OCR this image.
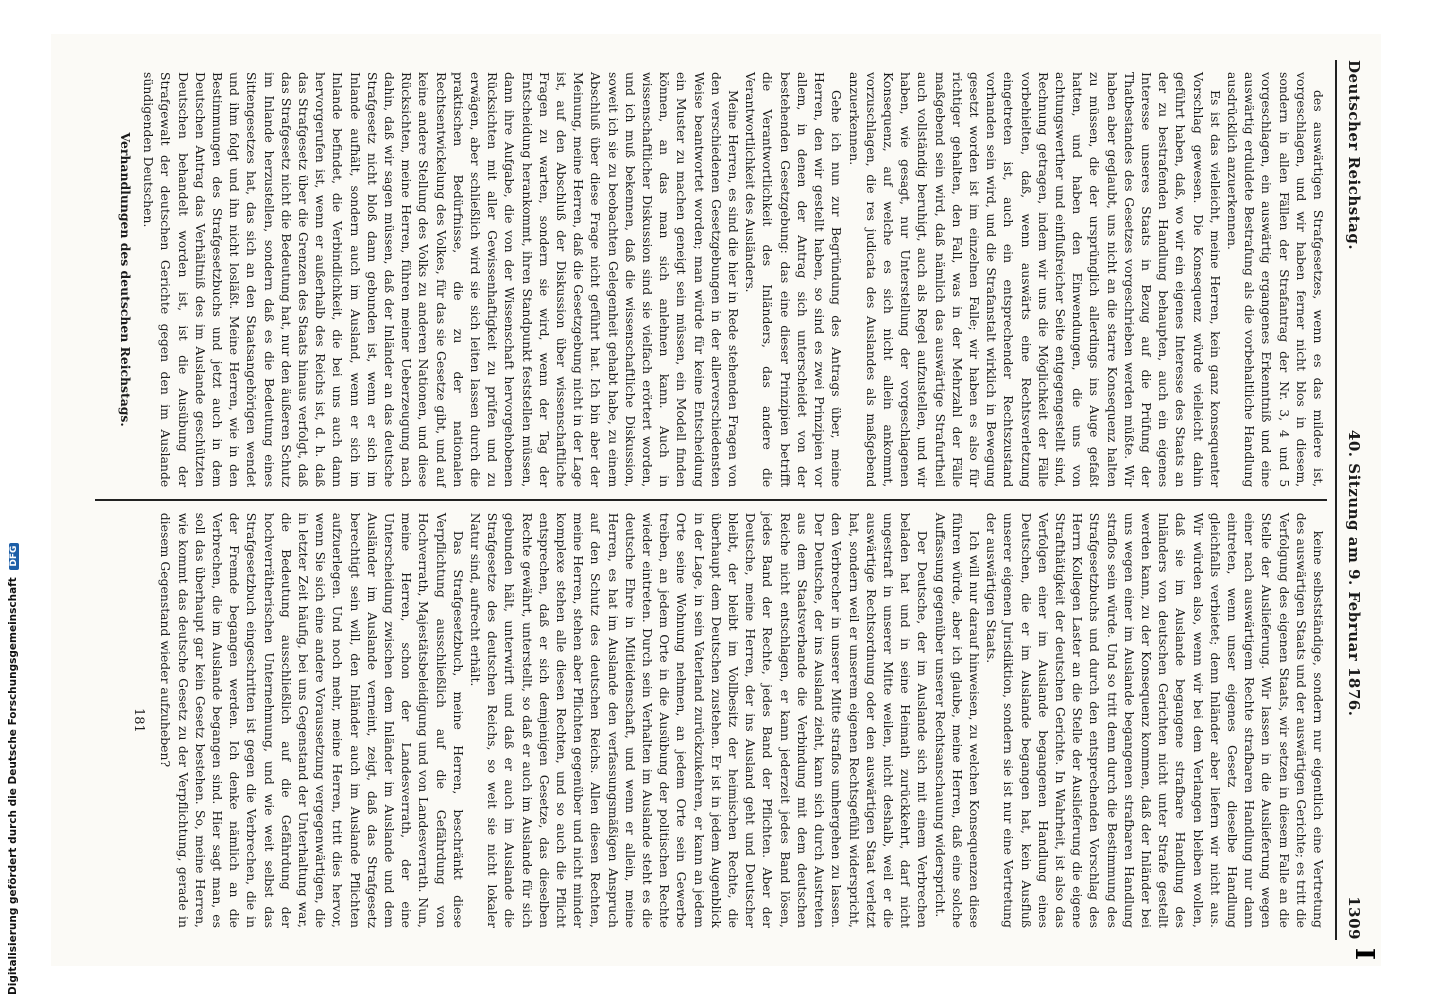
Digitalisierung gefördert durch die Deutsche Forschungsgemeinschaft DFG
I
Deutscher Reichstag.
40. Sitzung am 9. Februar 1876.
1309

des auswärtigen Strafgesetzes, wenn es das mildere ist, vorgeschlagen, und wir haben ferner nicht blos in diesem, sondern in allen Fällen der Strafantrag der Nr. 3, 4 und 5 vorgeschlagen, ein auswärtig ergangenes Erkenntniß und eine auswärtig erduldete Bestrafung als die vorbehaltliche Handlung ausdrücklich anzuerkennen.

Es ist das vielleicht, meine Herren, kein ganz konsequenter Vorschlag gewesen. Die Konsequenz würde vielleicht dahin geführt haben, daß, wo wir ein eigenes Interesse des Staats an der zu bestrafenden Handlung behaupten, auch ein eigenes Interesse unseres Staats in Bezug auf die Prüfung der Thatbestandes des Gesetzes vorgeschrieben werden müßte. Wir haben aber geglaubt, uns nicht an die starre Konsequenz halten zu müssen, die der ursprünglich allerdings ins Auge gefaßt hatten, und haben den Einwendungen, die uns von achtungswerther und einflußreicher Seite entgegengestellt sind, Rechnung getragen, indem wir uns die Möglichkeit der Fälle vorbehielten, daß, wenn auswärts eine Rechtsverletzung eingetreten ist, auch ein entsprechender Rechtszustand vorhanden sein wird, und die Strafanstalt wirklich in Bewegung gesetzt worden ist im einzelnen Falle; wir haben es also für richtiger gehalten, den Fall, was in der Mehrzahl der Fälle maßgebend sein wird, daß nämlich das auswärtige Strafurtheil auch vollständig beruhigt, auch als Regel aufzustellen, und wir haben, wie gesagt, nur Unterstellung der vorgeschlagenen Konsequenz, auf welche es sich nicht allein ankommt, vorzuschlagen, die res judicata des Auslandes als maßgebend anzuerkennen.

Gehe ich nun zur Begründung des Antrags über, meine Herren, den wir gestellt haben, so sind es zwei Prinzipien vor allem, in denen der Antrag sich unterscheidet von der bestehenden Gesetzgebung: das eine dieser Prinzipien betrifft die Verantwortlichkeit des Inländers, das andere die Verantwortlichkeit des Ausländers.

Meine Herren, es sind die hier in Rede stehenden Fragen von den verschiedenen Gesetzgebungen in der allerverschiedensten Weise beantwortet worden; man würde für keine Entscheidung ein Muster zu machen geneigt sein müssen, ein Modell finden können, an das man sich anlehnen kann. Auch in wissenschaftlicher Diskussion sind sie vielfach erörtert worden, und ich muß bekennen, daß die wissenschaftliche Diskussion, soweit ich sie zu beobachten Gelegenheit gehabt habe, zu einem Abschluß über diese Frage nicht geführt hat. Ich bin aber der Meinung, meine Herren, daß die Gesetzgebung nicht in der Lage ist, auf den Abschluß der Diskussion über wissenschaftliche Fragen zu warten, sondern sie wird, wenn der Tag der Entscheidung herankommt, ihren Standpunkt feststellen müssen, dann ihre Aufgabe, die von der Wissenschaft hervorgehobenen Rücksichten mit aller Gewissenhaftigkeit zu prüfen und zu erwägen, aber schließlich wird sie sich leiten lassen durch die praktischen Bedürfnisse, die zu der nationalen Rechtsentwickelung des Volkes, für das sie Gesetze gibt, und auf keine andere Stellung des Volks zu anderen Nationen, und diese Rücksichten, meine Herren, führen meiner Ueberzeugung nach dahin, daß wir sagen müssen, daß der Inländer an das deutsche Strafgesetz nicht bloß dann gebunden ist, wenn er sich im Inlande aufhält, sondern auch im Ausland, wenn er sich im Inlande befindet, die Verbindlichkeit, die bei uns auch dann hervorgerufen ist, wenn er außerhalb des Reichs ist, d. h. daß das Strafgesetz über die Grenzen des Staats hinaus verfolgt, daß das Strafgesetz nicht die Bedeutung hat, nur den äußeren Schutz im Inlande herzustellen, sondern daß es die Bedeutung eines Sittengesetzes hat, das sich an den Staatsangehörigen wendet und ihm folgt und ihn nicht losläßt. Meine Herren, wie in den Bestimmungen des Strafgesetzbuchs und jetzt auch in dem Deutschen Antrag das Verhältniß des im Auslande geschützten Deutschen behandelt worden ist, ist die Ausübung der Strafgewalt der deutschen Gerichte gegen den im Auslande sündigenden Deutschen.

Verhandlungen des deutschen Reichstags.

keine selbstständige, sondern nur eigentlich eine Vertretung des auswärtigen Staats und der auswärtigen Gerichte; es tritt die Verfolgung des eigenen Staats, wir setzen in diesem Falle an die Stelle der Auslieferung. Wir lassen in die Auslieferung wegen einer nach auswärtigem Rechte strafbaren Handlung nur dann eintreten, wenn unser eigenes Gesetz dieselbe Handlung gleichfalls verbietet; denn Inländer aber liefern wir nicht aus. Wir würden also, wenn wir bei dem Verlangen bleiben wollen, daß sie im Auslande begangene strafbare Handlung des Inländers von deutschen Gerichten nicht unter Strafe gestellt werden kann, zu der Konsequenz kommen, daß der Inländer bei uns wegen einer im Auslande begangenen strafbaren Handlung straflos sein würde. Und so tritt denn durch die Bestimmung des Strafgesetzbuchs und durch den entsprechenden Vorschlag des Herrn Kollegen Laster an die Stelle der Auslieferung die eigene Strafthätigkeit der deutschen Gerichte. In Wahrheit, ist also das Verfolgen einer im Auslande begangenen Handlung eines Deutschen, die er im Auslande begangen hat, kein Ausfluß unserer eigenen Jurisdiktion, sondern sie ist nur eine Vertretung der auswärtigen Staats.

Ich will nur darauf hinweisen, zu welchen Konsequenzen diese führen würde, aber ich glaube, meine Herren, daß eine solche Auffassung gegenüber unserer Rechtsanschauung widerspricht.

Der Deutsche, der im Auslande sich mit einem Verbrechen beladen hat und in seine Heimath zurückkehrt, darf nicht ungestraft in unserer Mitte weilen, nicht deshalb, weil er die auswärtige Rechtsordnung oder den auswärtigen Staat verletzt hat, sondern weil er unserem eigenen Rechtsgefühl widerspricht, den Verbrecher in unserer Mitte straflos umhergehen zu lassen. Der Deutsche, der ins Ausland zieht, kann sich durch Austreten aus dem Staatsverbande die Verbindung mit dem deutschen Reiche nicht entschlagen, er kann jederzeit jedes Band lösen, jedes Band der Rechte, jedes Band der Pflichten. Aber der Deutsche, meine Herren, der ins Ausland geht und Deutscher bleibt, der bleibt im Vollbesitz der heimischen Rechte, die überhaupt dem Deutschen zustehen. Er ist in jedem Augenblick in der Lage, in sein Vaterland zurückzukehren, er kann an jedem Orte seine Wohnung nehmen, an jedem Orte sein Gewerbe treiben, an jedem Orte in die Ausübung der politischen Rechte wieder eintreten. Durch sein Verhalten im Auslande steht es die deutsche Ehre in Mitleidenschaft, und wenn er allein, meine Herren, es hat im Auslande den verfassungsmäßigen Anspruch auf den Schutz des deutschen Reichs. Allen diesen Rechten, meine Herren, stehen aber Pflichten gegenüber und nicht minder komplexe stehen alle diesen Rechten, und so auch die Pflicht entsprechen, daß er sich demjenigen Gesetze, das dieselben Rechte gewährt, unterstellt, so daß er auch im Auslande für sich gebunden hält, unterwirft und daß er auch im Auslande die Strafgesetze des deutschen Reichs, so weit sie nicht lokaler Natur sind, aufrecht erhält.

Das Strafgesetzbuch, meine Herren, beschränkt diese Verpflichtung ausschließlich auf die Gefährdung von Hochverrath, Majestätsbeleidigung und von Landesverrath. Nun, meine Herren, schon der Landesverrath, der eine Unterscheidung zwischen dem Inländer im Auslande und dem Ausländer im Auslande verneint, zeigt, daß das Strafgesetz berechtigt sein will, den Inländer auch im Auslande Pflichten aufzuerlegen. Und noch mehr, meine Herren, tritt dies hervor, wenn Sie sich eine andere Voraussetzung vergegenwärtigen, die in letzter Zeit häufig, bei uns Gegenstand der Unterhaltung war, die Bedeutung ausschließlich auf die Gefährdung der hochverrätherischen Unternehmung, und wie weit selbst das Strafgesetzbuch eingeschritten ist gegen die Verbrechen, die in der Fremde begangen werden. Ich denke nämlich an die Verbrechen, die im Auslande begangen sind. Hier sagt man, es soll das überhaupt gar kein Gesetz bestehen. So, meine Herren, wie kommt das deutsche Gesetz zu der Verpflichtung, gerade in diesem Gegenstand wieder aufzuheben?

181
